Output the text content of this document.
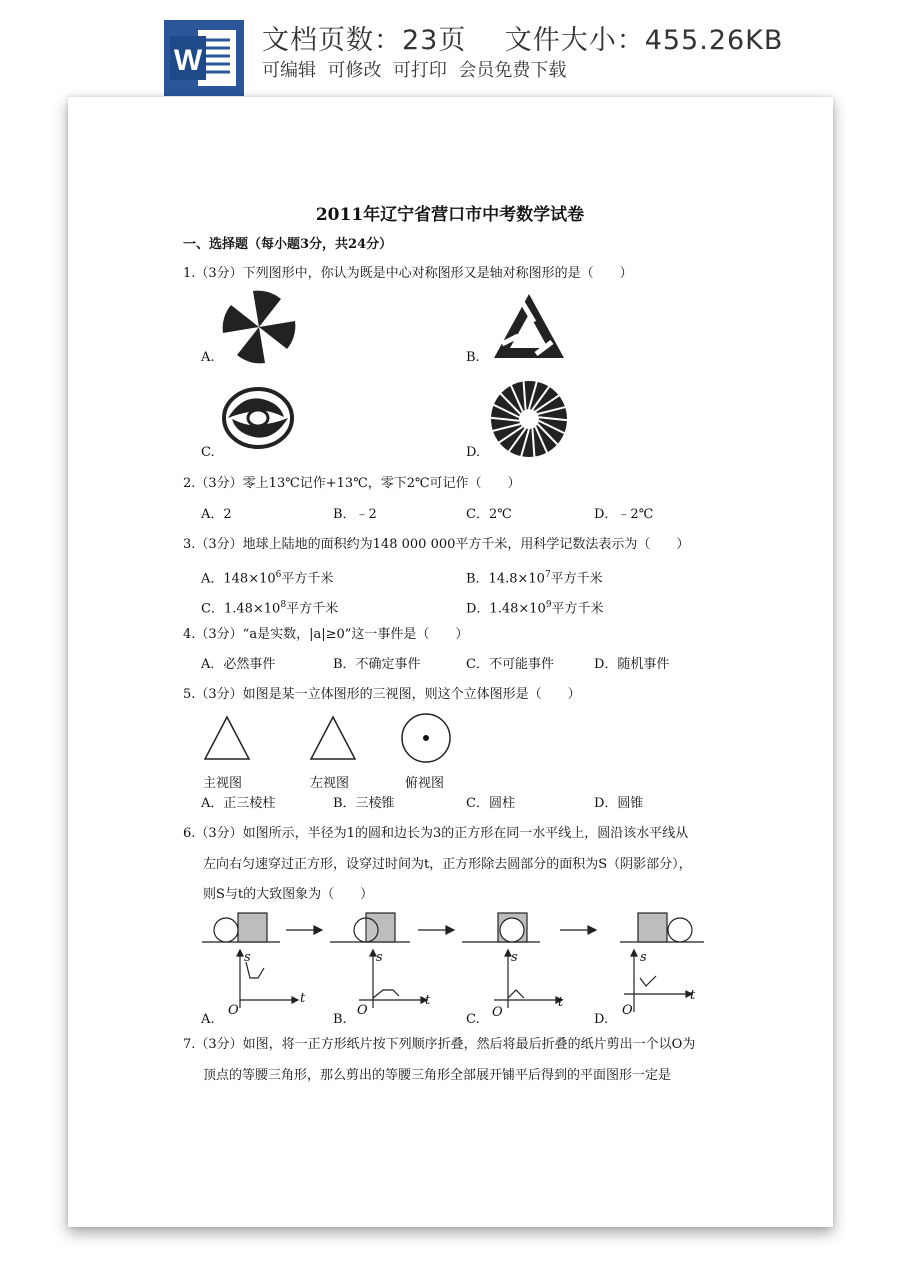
W
文档页数：23页 文件大小：455.26KB
可编辑  可修改  可打印  会员免费下载
2011年辽宁省营口市中考数学试卷
一、选择题（每小题3分，共24分）
1.（3分）下列图形中，你认为既是中心对称图形又是轴对称图形的是（　　）
A.	B.
C.	D.
2.（3分）零上13℃记作+13℃，零下2℃可记作（　　）
A．2	B．﹣2	C．2℃	D．﹣2℃
3.（3分）地球上陆地的面积约为148 000 000平方千米，用科学记数法表示为（　　）
A．$148\times 10^6$平方千米	B．$14.8\times 10^7$平方千米
C．$1.48\times 10^8$平方千米	D．$1.48\times 10^9$平方千米
4.（3分）“a是实数，|a|≥0”这一事件是（　　）
A．必然事件	B．不确定事件	C．不可能事件	D．随机事件
5.（3分）如图是某一立体图形的三视图，则这个立体图形是（　　）
主视图	左视图	俯视图
A．正三棱柱	B．三棱锥	C．圆柱	D．圆锥
6.（3分）如图所示，半径为1的圆和边长为3的正方形在同一水平线上，圆沿该水平线从
左向右匀速穿过正方形，设穿过时间为t，正方形除去圆部分的面积为S（阴影部分），
则S与t的大致图象为（　　）
s
t
O
s
t
O
s
t
O
s
t
O
A.	B.	C.	D.
7.（3分）如图，将一正方形纸片按下列顺序折叠，然后将最后折叠的纸片剪出一个以O为
顶点的等腰三角形，那么剪出的等腰三角形全部展开铺平后得到的平面图形一定是
